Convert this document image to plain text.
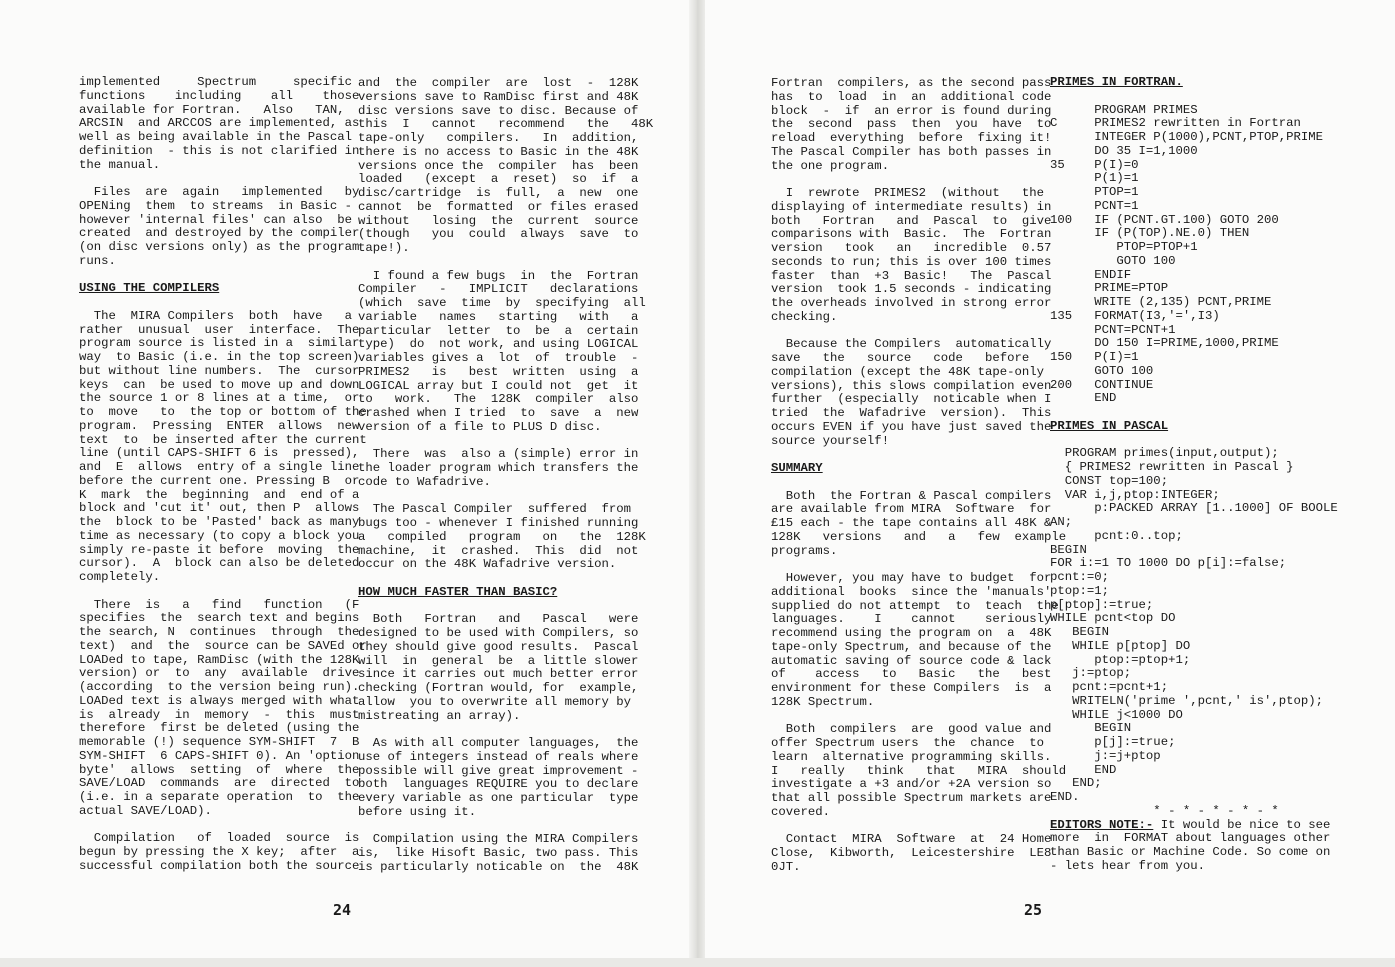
implemented     Spectrum     specific
functions    including    all    those
available for Fortran.   Also   TAN,
ARCSIN  and ARCCOS are implemented, as
well as being available in the Pascal
definition  - this is not clarified in
the manual.
Files  are  again   implemented   by
OPENing  them  to streams  in Basic -
however 'internal files' can also  be
created  and destroyed by the compiler
(on disc versions only) as the program
runs.
USING THE COMPILERS
The  MIRA Compilers  both  have   a
rather  unusual  user  interface.  The
program source is listed in a  similar
way  to Basic (i.e. in the top screen)
but without line numbers.  The  cursor
keys  can  be used to move up and down
the source 1 or 8 lines at a time,  or
to  move   to  the top or bottom of the
program.  Pressing  ENTER  allows  new
text  to  be inserted after the current
line (until CAPS-SHIFT 6 is  pressed),
and  E  allows  entry of a single line
before the current one. Pressing B  or
K  mark  the  beginning  and  end of a
block and 'cut it' out, then P  allows
the  block to be 'Pasted' back as many
time as necessary (to copy a block you
simply re-paste it before  moving  the
cursor).  A  block can also be deleted
completely.
There  is   a   find   function   (F
specifies  the  search text and begins
the search, N  continues  through  the
text)  and  the  source can be SAVEd or
LOADed to tape, RamDisc (with the 128K
version) or  to  any  available  drive
(according  to the version being run).
LOADed text is always merged with what
is  already  in  memory  -  this  must
therefore  first be deleted (using the
memorable (!) sequence SYM-SHIFT  7  B
SYM-SHIFT  6 CAPS-SHIFT 0). An 'option
byte'  allows  setting  of  where  the
SAVE/LOAD  commands  are  directed  to
(i.e. in a separate operation  to  the
actual SAVE/LOAD).
Compilation   of  loaded  source  is
begun by pressing the X key;  after  a
successful compilation both the source
and  the  compiler  are  lost  -  128K
versions save to RamDisc first and 48K
disc versions save to disc. Because of
this  I   cannot   recommend   the   48K
tape-only   compilers.   In  addition,
there is no access to Basic in the 48K
versions once the  compiler  has  been
loaded   (except  a  reset)  so  if  a
disc/cartridge  is  full,  a  new  one
cannot  be  formatted  or files erased
without   losing  the  current  source
(though   you  could  always  save  to
tape!).
I found a few bugs  in  the  Fortran
Compiler   -   IMPLICIT   declarations
(which  save  time  by  specifying  all
variable   names   starting   with   a
particular  letter  to  be  a  certain
type)  do  not work, and using LOGICAL
variables gives a  lot  of  trouble  -
PRIMES2   is   best  written  using  a
LOGICAL array but I could not  get  it
to   work.   The  128K  compiler  also
crashed when I tried  to  save  a  new
version of a file to PLUS D disc.
There  was  also a (simple) error in
the loader program which transfers the
code to Wafadrive.
The Pascal Compiler  suffered  from
bugs too - whenever I finished running
a   compiled   program   on   the  128K
machine,  it  crashed.  This  did  not
occur on the 48K Wafadrive version.
HOW MUCH FASTER THAN BASIC?
Both   Fortran   and   Pascal   were
designed to be used with Compilers, so
they should give good results.  Pascal
will  in  general  be  a little slower
since it carries out much better error
checking (Fortran would, for  example,
allow  you to overwrite all memory by
mistreating an array).
As with all computer languages,  the
use of integers instead of reals where
possible will give great improvement -
both  languages REQUIRE you to declare
every variable as one particular  type
before using it.
Compilation using the MIRA Compilers
is,  like Hisoft Basic, two pass. This
is particularly noticable on  the  48K
Fortran  compilers, as the second pass
has  to  load  in  an  additional code
block  -  if  an error is found during
the  second  pass  then  you  have  to
reload  everything  before  fixing it!
The Pascal Compiler has both passes in
the one program.
I  rewrote  PRIMES2  (without   the
displaying of intermediate results) in
both   Fortran   and  Pascal  to  give
comparisons with  Basic.  The  Fortran
version   took   an   incredible  0.57
seconds to run; this is over 100 times
faster  than  +3  Basic!   The  Pascal
version  took 1.5 seconds - indicating
the overheads involved in strong error
checking.
Because the Compilers  automatically
save   the   source   code   before
compilation (except the 48K tape-only
versions), this slows compilation even
further  (especially  noticable when I
tried  the  Wafadrive  version).  This
occurs EVEN if you have just saved the
source yourself!
SUMMARY
Both  the Fortran & Pascal compilers
are available from MIRA  Software  for
£15 each - the tape contains all 48K &
128K   versions   and   a   few  example
programs.
However, you may have to budget  for
additional  books  since the 'manuals'
supplied do not attempt  to  teach  the
languages.    I    cannot    seriously
recommend using the program on  a  48K
tape-only Spectrum, and because of the
automatic saving of source code & lack
of    access   to   Basic   the   best
environment for these Compilers  is  a
128K Spectrum.
Both  compilers  are  good value and
offer Spectrum users  the  chance  to
learn  alternative programming skills.
I   really   think   that   MIRA  should
investigate a +3 and/or +2A version so
that all possible Spectrum markets are
covered.
Contact  MIRA  Software  at  24 Home
Close,  Kibworth,  Leicestershire  LE8
0JT.
PRIMES IN FORTRAN.
PROGRAM PRIMES
C     PRIMES2 rewritten in Fortran
INTEGER P(1000),PCNT,PTOP,PRIME
DO 35 I=1,1000
35    P(I)=0
P(1)=1
PTOP=1
PCNT=1
100   IF (PCNT.GT.100) GOTO 200
IF (P(TOP).NE.0) THEN
PTOP=PTOP+1
GOTO 100
ENDIF
PRIME=PTOP
WRITE (2,135) PCNT,PRIME
135   FORMAT(I3,'=',I3)
PCNT=PCNT+1
DO 150 I=PRIME,1000,PRIME
150   P(I)=1
GOTO 100
200   CONTINUE
END
PRIMES IN PASCAL
PROGRAM primes(input,output);
{ PRIMES2 rewritten in Pascal }
CONST top=100;
VAR i,j,ptop:INTEGER;
p:PACKED ARRAY [1..1000] OF BOOLE
AN;
pcnt:0..top;
BEGIN
FOR i:=1 TO 1000 DO p[i]:=false;
pcnt:=0;
ptop:=1;
p[ptop]:=true;
WHILE pcnt<top DO
BEGIN
WHILE p[ptop] DO
ptop:=ptop+1;
j:=ptop;
pcnt:=pcnt+1;
WRITELN('prime ',pcnt,' is',ptop);
WHILE j<1000 DO
BEGIN
p[j]:=true;
j:=j+ptop
END
END;
END.
* - * - * - * - *
EDITORS NOTE:- It would be nice to see
more  in  FORMAT about languages other
than Basic or Machine Code. So come on
- lets hear from you.
24	25
